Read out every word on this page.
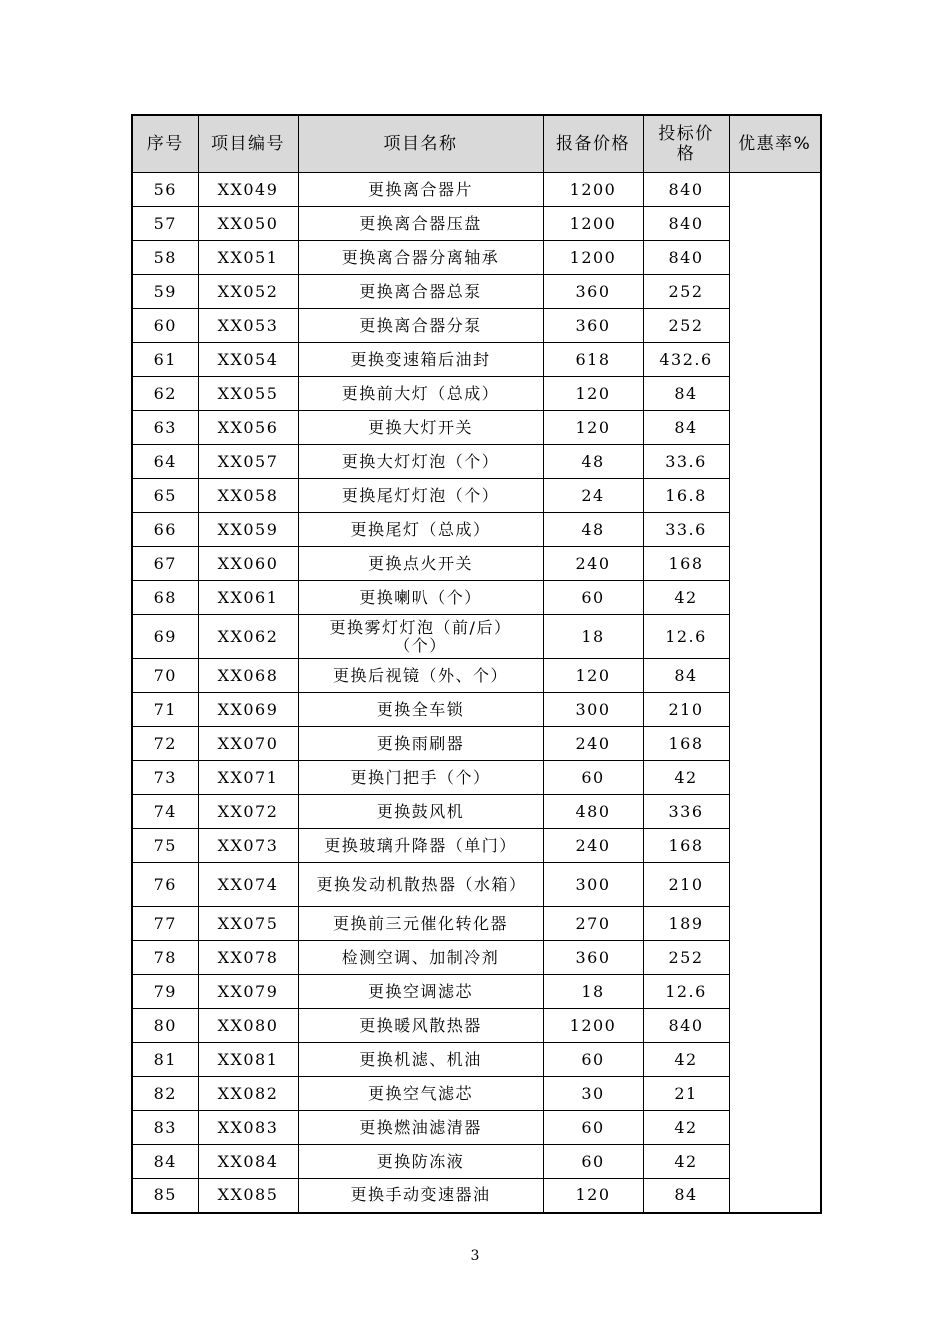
序号	项目编号	项目名称	报备价格	投标价格	优惠率%
56	XX049	更换离合器片	1200	840	
57	XX050	更换离合器压盘	1200	840	
58	XX051	更换离合器分离轴承	1200	840	
59	XX052	更换离合器总泵	360	252	
60	XX053	更换离合器分泵	360	252	
61	XX054	更换变速箱后油封	618	432.6	
62	XX055	更换前大灯（总成）	120	84	
63	XX056	更换大灯开关	120	84	
64	XX057	更换大灯灯泡（个）	48	33.6	
65	XX058	更换尾灯灯泡（个）	24	16.8	
66	XX059	更换尾灯（总成）	48	33.6	
67	XX060	更换点火开关	240	168	
68	XX061	更换喇叭（个）	60	42	
69	XX062	更换雾灯灯泡（前/后）（个）	18	12.6	
70	XX068	更换后视镜（外、个）	120	84	
71	XX069	更换全车锁	300	210	
72	XX070	更换雨刷器	240	168	
73	XX071	更换门把手（个）	60	42	
74	XX072	更换鼓风机	480	336	
75	XX073	更换玻璃升降器（单门）	240	168	
76	XX074	更换发动机散热器（水箱）	300	210	
77	XX075	更换前三元催化转化器	270	189	
78	XX078	检测空调、加制冷剂	360	252	
79	XX079	更换空调滤芯	18	12.6	
80	XX080	更换暖风散热器	1200	840	
81	XX081	更换机滤、机油	60	42	
82	XX082	更换空气滤芯	30	21	
83	XX083	更换燃油滤清器	60	42	
84	XX084	更换防冻液	60	42	
85	XX085	更换手动变速器油	120	84	
3
